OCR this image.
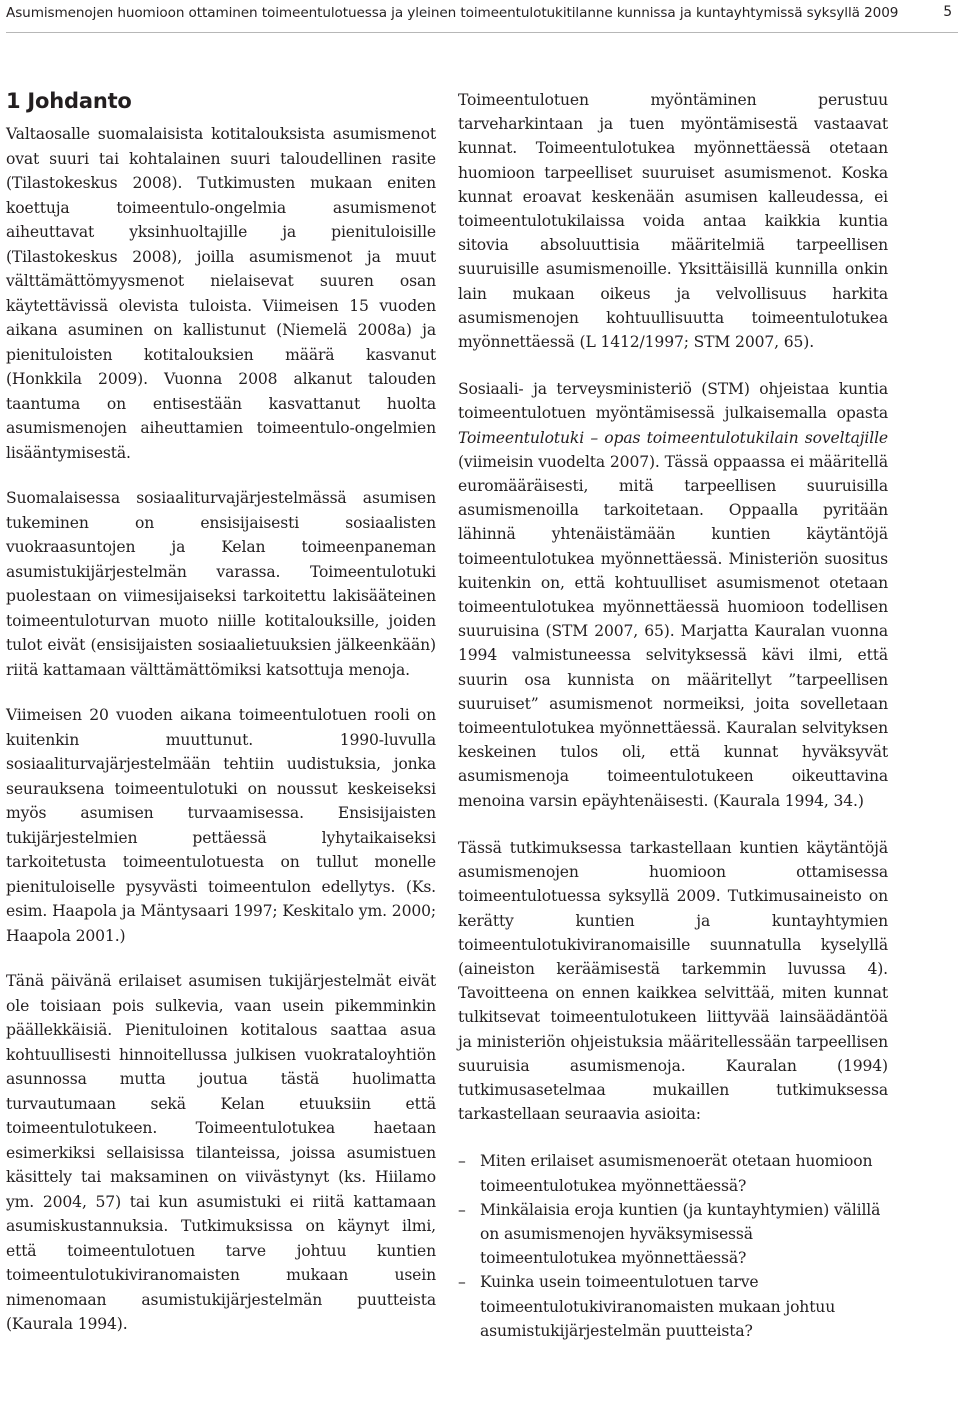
Asumismenojen huomioon ottaminen toimeentulotuessa ja yleinen toimeentulotukitilanne kunnissa ja kuntayhtymissä syksyllä 2009	5
1 Johdanto

Valtaosalle suomalaisista kotitalouksista asumismenot ovat suuri tai kohtalainen suuri taloudellinen rasite (Tilastokeskus 2008). Tutkimusten mukaan eniten koettuja toimeentulo-ongelmia asumismenot aiheuttavat yksinhuoltajille ja pienituloisille (Tilastokeskus 2008), joilla asumismenot ja muut välttämättömyysmenot nielaisevat suuren osan käytettävissä olevista tuloista. Viimeisen 15 vuoden aikana asuminen on kallistunut (Niemelä 2008a) ja pienituloisten kotitalouksien määrä kasvanut (Honkkila 2009). Vuonna 2008 alkanut talouden taantuma on entisestään kasvattanut huolta asumismenojen aiheuttamien toimeentulo-ongelmien lisääntymisestä.

Suomalaisessa sosiaaliturvajärjestelmässä asumisen tukeminen on ensisijaisesti sosiaalisten vuokraasuntojen ja Kelan toimeenpaneman asumistukijärjestelmän varassa. Toimeentulotuki puolestaan on viimesijaiseksi tarkoitettu lakisääteinen toimeentuloturvan muoto niille kotitalouksille, joiden tulot eivät (ensisijaisten sosiaalietuuksien jälkeenkään) riitä kattamaan välttämättömiksi katsottuja menoja.

Viimeisen 20 vuoden aikana toimeentulotuen rooli on kuitenkin muuttunut. 1990-luvulla sosiaaliturvajärjestelmään tehtiin uudistuksia, jonka seurauksena toimeentulotuki on noussut keskeiseksi myös asumisen turvaamisessa. Ensisijaisten tukijärjestelmien pettäessä lyhytaikaiseksi tarkoitetusta toimeentulotuesta on tullut monelle pienituloiselle pysyvästi toimeentulon edellytys. (Ks. esim. Haapola ja Mäntysaari 1997; Keskitalo ym. 2000; Haapola 2001.)

Tänä päivänä erilaiset asumisen tukijärjestelmät eivät ole toisiaan pois sulkevia, vaan usein pikemminkin päällekkäisiä. Pienituloinen kotitalous saattaa asua kohtuullisesti hinnoitellussa julkisen vuokrataloyhtiön asunnossa mutta joutua tästä huolimatta turvautumaan sekä Kelan etuuksiin että toimeentulotukeen. Toimeentulotukea haetaan esimerkiksi sellaisissa tilanteissa, joissa asumistuen käsittely tai maksaminen on viivästynyt (ks. Hiilamo ym. 2004, 57) tai kun asumistuki ei riitä kattamaan asumiskustannuksia. Tutkimuksissa on käynyt ilmi, että toimeentulotuen tarve johtuu kuntien toimeentulotukiviranomaisten mukaan usein nimenomaan asumistukijärjestelmän puutteista (Kaurala 1994).

Toimeentulotuen myöntäminen perustuu tarveharkintaan ja tuen myöntämisestä vastaavat kunnat. Toimeentulotukea myönnettäessä otetaan huomioon tarpeelliset suuruiset asumismenot. Koska kunnat eroavat keskenään asumisen kalleudessa, ei toimeentulotukilaissa voida antaa kaikkia kuntia sitovia absoluuttisia määritelmiä tarpeellisen suuruisille asumismenoille. Yksittäisillä kunnilla onkin lain mukaan oikeus ja velvollisuus harkita asumismenojen kohtuullisuutta toimeentulotukea myönnettäessä (L 1412/1997; STM 2007, 65).

Sosiaali- ja terveysministeriö (STM) ohjeistaa kuntia toimeentulotuen myöntämisessä julkaisemalla opasta Toimeentulotuki – opas toimeentulotukilain soveltajille (viimeisin vuodelta 2007). Tässä oppaassa ei määritellä euromääräisesti, mitä tarpeellisen suuruisilla asumismenoilla tarkoitetaan. Oppaalla pyritään lähinnä yhtenäistämään kuntien käytäntöjä toimeentulotukea myönnettäessä. Ministeriön suositus kuitenkin on, että kohtuulliset asumismenot otetaan toimeentulotukea myönnettäessä huomioon todellisen suuruisina (STM 2007, 65). Marjatta Kauralan vuonna 1994 valmistuneessa selvityksessä kävi ilmi, että suurin osa kunnista on määritellyt ”tarpeellisen suuruiset” asumismenot normeiksi, joita sovelletaan toimeentulotukea myönnettäessä. Kauralan selvityksen keskeinen tulos oli, että kunnat hyväksyvät asumismenoja toimeentulotukeen oikeuttavina menoina varsin epäyhtenäisesti. (Kaurala 1994, 34.)

Tässä tutkimuksessa tarkastellaan kuntien käytäntöjä asumismenojen huomioon ottamisessa toimeentulotuessa syksyllä 2009. Tutkimusaineisto on kerätty kuntien ja kuntayhtymien toimeentulotukiviranomaisille suunnatulla kyselyllä (aineiston keräämisestä tarkemmin luvussa 4). Tavoitteena on ennen kaikkea selvittää, miten kunnat tulkitsevat toimeentulotukeen liittyvää lainsäädäntöä ja ministeriön ohjeistuksia määritellessään tarpeellisen suuruisia asumismenoja. Kauralan (1994) tutkimusasetelmaa mukaillen tutkimuksessa tarkastellaan seuraavia asioita:

– Miten erilaiset asumismenoerät otetaan huomioon toimeentulotukea myönnettäessä?
– Minkälaisia eroja kuntien (ja kuntayhtymien) välillä on asumismenojen hyväksymisessä toimeentulotukea myönnettäessä?
– Kuinka usein toimeentulotuen tarve toimeentulotukiviranomaisten mukaan johtuu asumistukijärjestelmän puutteista?
